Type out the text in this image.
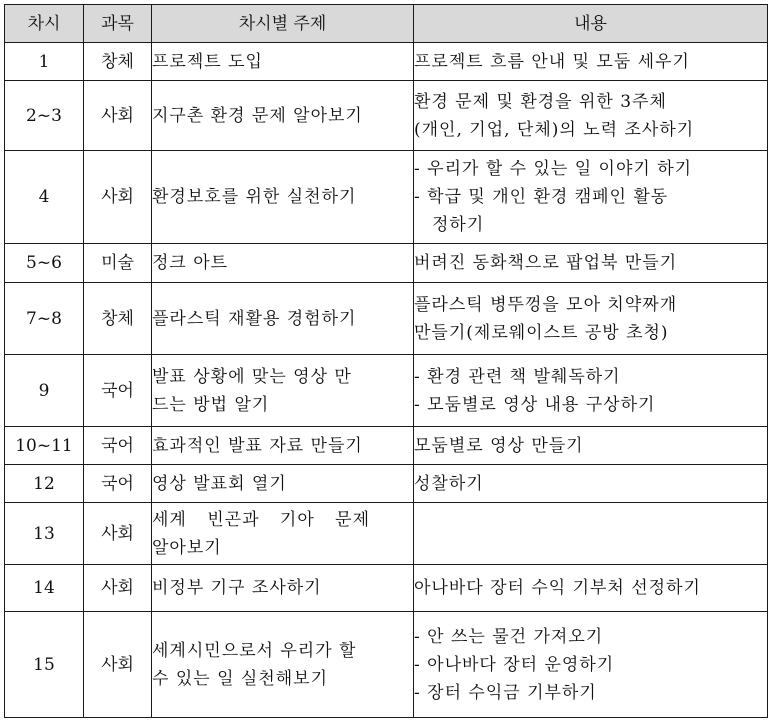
차시	과목	차시별 주제	내용
1	창체	프로젝트 도입	프로젝트 흐름 안내 및 모둠 세우기

2~3	사회	지구촌 환경 문제 알아보기	환경 문제 및 환경을 위한 3주체
(개인, 기업, 단체)의 노력 조사하기

4	사회	환경보호를 위한 실천하기	- 우리가 할 수 있는 일 이야기 하기
- 학급 및 개인 환경 캠페인 활동
정하기

5~6	미술	정크 아트	버려진 동화책으로 팝업북 만들기

7~8	창체	플라스틱 재활용 경험하기	플라스틱 병뚜껑을 모아 치약짜개
만들기(제로웨이스트 공방 초청)

9	국어	발표 상황에 맞는 영상 만
드는 방법 알기	- 환경 관련 책 발췌독하기
- 모둠별로 영상 내용 구상하기

10~11	국어	효과적인 발표 자료 만들기	모둠별로 영상 만들기

12	국어	영상 발표회 열기	성찰하기

13	사회	세계 빈곤과 기아 문제
알아보기	

14	사회	비정부 기구 조사하기	아나바다 장터 수익 기부처 선정하기

15	사회	세계시민으로서 우리가 할
수 있는 일 실천해보기	- 안 쓰는 물건 가져오기
- 아나바다 장터 운영하기
- 장터 수익금 기부하기
